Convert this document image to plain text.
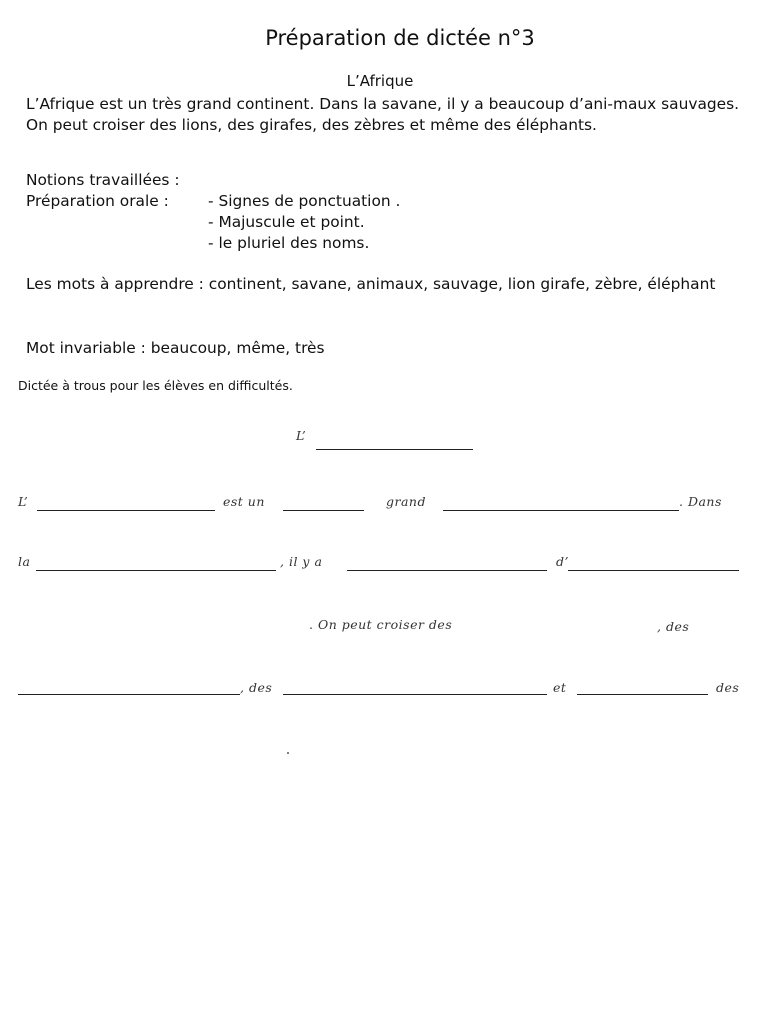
Préparation de dictée n°3
L’Afrique
L’Afrique est un très grand continent. Dans la savane, il y a beaucoup d’ani-maux sauvages. On peut croiser des lions, des girafes, des zèbres et même des éléphants.
Notions travaillées :
Préparation orale :	- Signes de ponctuation .
- Majuscule et point.
- le pluriel des noms.
Les mots à apprendre : continent, savane, animaux, sauvage, lion girafe, zèbre, éléphant
Mot invariable : beaucoup, même, très
Dictée à trous pour les élèves en difficultés.
L’
L’	est un	grand	. Dans
la	, il y a	d’
. On peut croiser des	, des
, des	et	des
